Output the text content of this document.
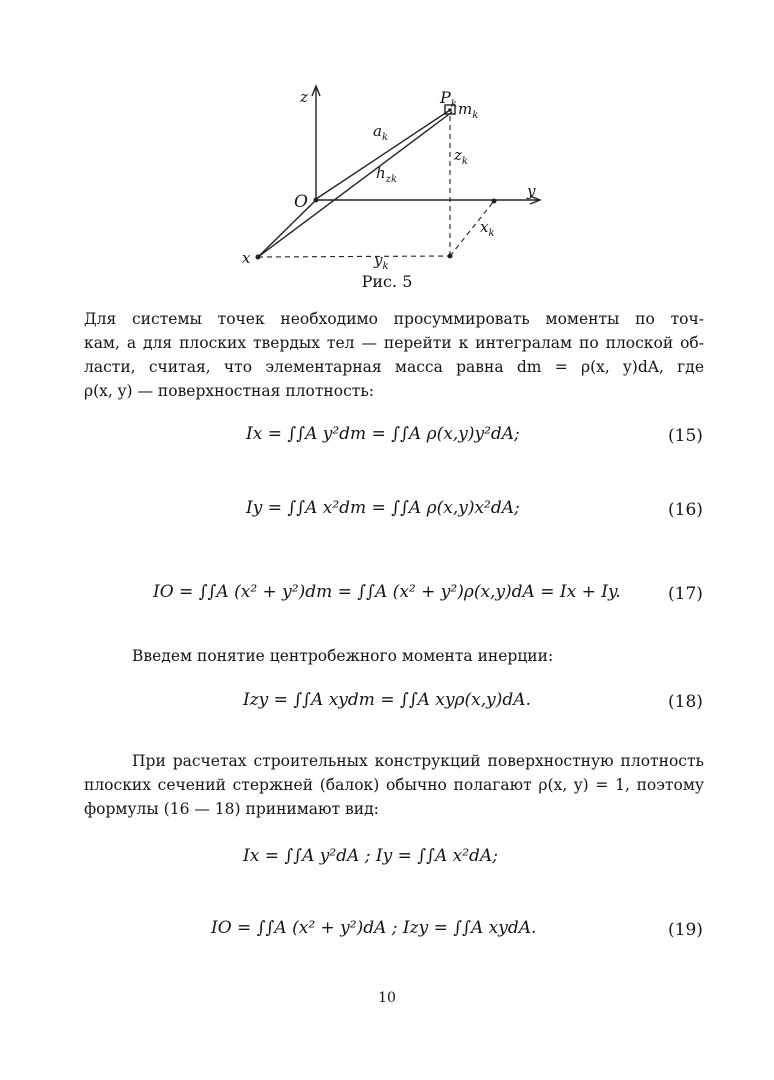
z
y
x
O
$P_k$ $m_k$
$a_k$
$z_k$
$h_{zk}$
$x_k$
$y_k$
Рис. 5
Для системы точек необходимо просуммировать моменты по точ-
кам, а для плоских твердых тел — перейти к интегралам по плоской об-
ласти, считая, что элементарная масса равна dm = ρ(x, y)dA, где
ρ(x, y) — поверхностная плотность:
Ix = ∫∫A y²dm = ∫∫A ρ(x,y)y²dA;	(15)
Iy = ∫∫A x²dm = ∫∫A ρ(x,y)x²dA;	(16)
IO = ∫∫A (x² + y²)dm = ∫∫A (x² + y²)ρ(x,y)dA = Ix + Iy.	(17)
Введем понятие центробежного момента инерции:
Izy = ∫∫A xydm = ∫∫A xyρ(x,y)dA.	(18)
При расчетах строительных конструкций поверхностную плотность
плоских сечений стержней (балок) обычно полагают ρ(x, y) = 1, поэтому
формулы (16 — 18) принимают вид:
Ix = ∫∫A y²dA ; Iy = ∫∫A x²dA;
IO = ∫∫A (x² + y²)dA ; Izy = ∫∫A xydA.	(19)
10
